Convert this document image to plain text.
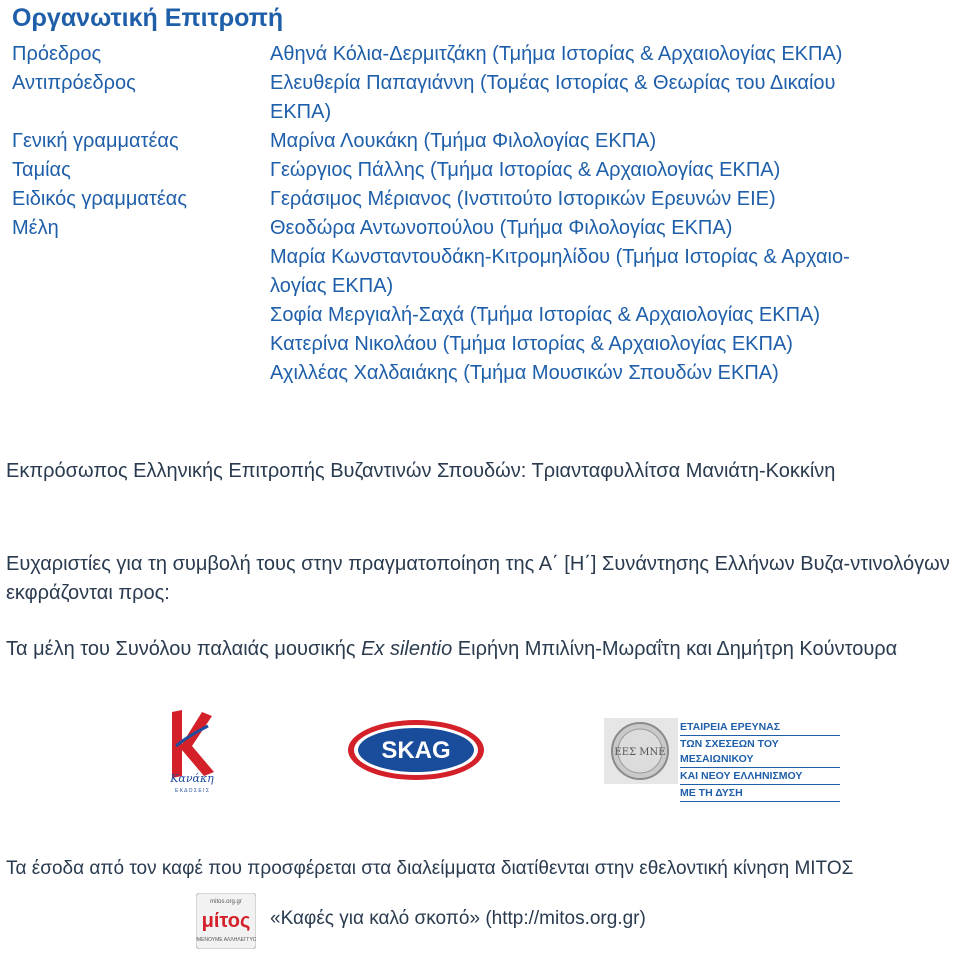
Οργανωτική Επιτροπή
Πρόεδρος	Αθηνά Κόλια-Δερμιτζάκη (Τμήμα Ιστορίας & Αρχαιολογίας ΕΚΠΑ)
Αντιπρόεδρος	Ελευθερία Παπαγιάννη (Τομέας Ιστορίας & Θεωρίας του Δικαίου
ΕΚΠΑ)
Γενική γραμματέας	Μαρίνα Λουκάκη (Τμήμα Φιλολογίας ΕΚΠΑ)
Ταμίας	Γεώργιος Πάλλης (Τμήμα Ιστορίας & Αρχαιολογίας ΕΚΠΑ)
Ειδικός γραμματέας	Γεράσιμος Μέριανος (Ινστιτούτο Ιστορικών Ερευνών ΕΙΕ)
Μέλη	Θεοδώρα Αντωνοπούλου (Τμήμα Φιλολογίας ΕΚΠΑ)
Μαρία Κωνσταντουδάκη-Κιτρομηλίδου (Τμήμα Ιστορίας & Αρχαιο-
λογίας ΕΚΠΑ)
Σοφία Μεργιαλή-Σαχά (Τμήμα Ιστορίας & Αρχαιολογίας ΕΚΠΑ)
Κατερίνα Νικολάου (Τμήμα Ιστορίας & Αρχαιολογίας ΕΚΠΑ)
Αχιλλέας Χαλδαιάκης (Τμήμα Μουσικών Σπουδών ΕΚΠΑ)
Εκπρόσωπος Ελληνικής Επιτροπής Βυζαντινών Σπουδών: Τριανταφυλλίτσα Μανιάτη-Κοκκίνη
Ευχαριστίες για τη συμβολή τους στην πραγματοποίηση της Α΄ [Η΄] Συνάντησης Ελλήνων Βυζα-ντινολόγων εκφράζονται προς:
Τα μέλη του Συνόλου παλαιάς μουσικής Ex silentio Ειρήνη Μπιλίνη-Μωραΐτη και Δημήτρη Κούντουρα
Κανάκη
Ε Κ Δ Ο Σ Ε Ι Σ
SKAG	ΕΕΣ ΜΝΕ
ΕΤΑΙΡΕΙΑ ΕΡΕΥΝΑΣ
ΤΩΝ ΣΧΕΣΕΩΝ ΤΟΥ ΜΕΣΑΙΩΝΙΚΟΥ
ΚΑΙ ΝΕΟΥ ΕΛΛΗΝΙΣΜΟΥ
ΜΕ ΤΗ ΔΥΣΗ
Τα έσοδα από τον καφέ που προσφέρεται στα διαλείμματα διατίθενται στην εθελοντική κίνηση ΜΙΤΟΣ
mitos.org.gr
μίτος
#ΜΕΝΟΥΜΕ ΑΛΛΗΛΕΓΓΥΟΙ
«Καφές για καλό σκοπό» (http://mitos.org.gr)
